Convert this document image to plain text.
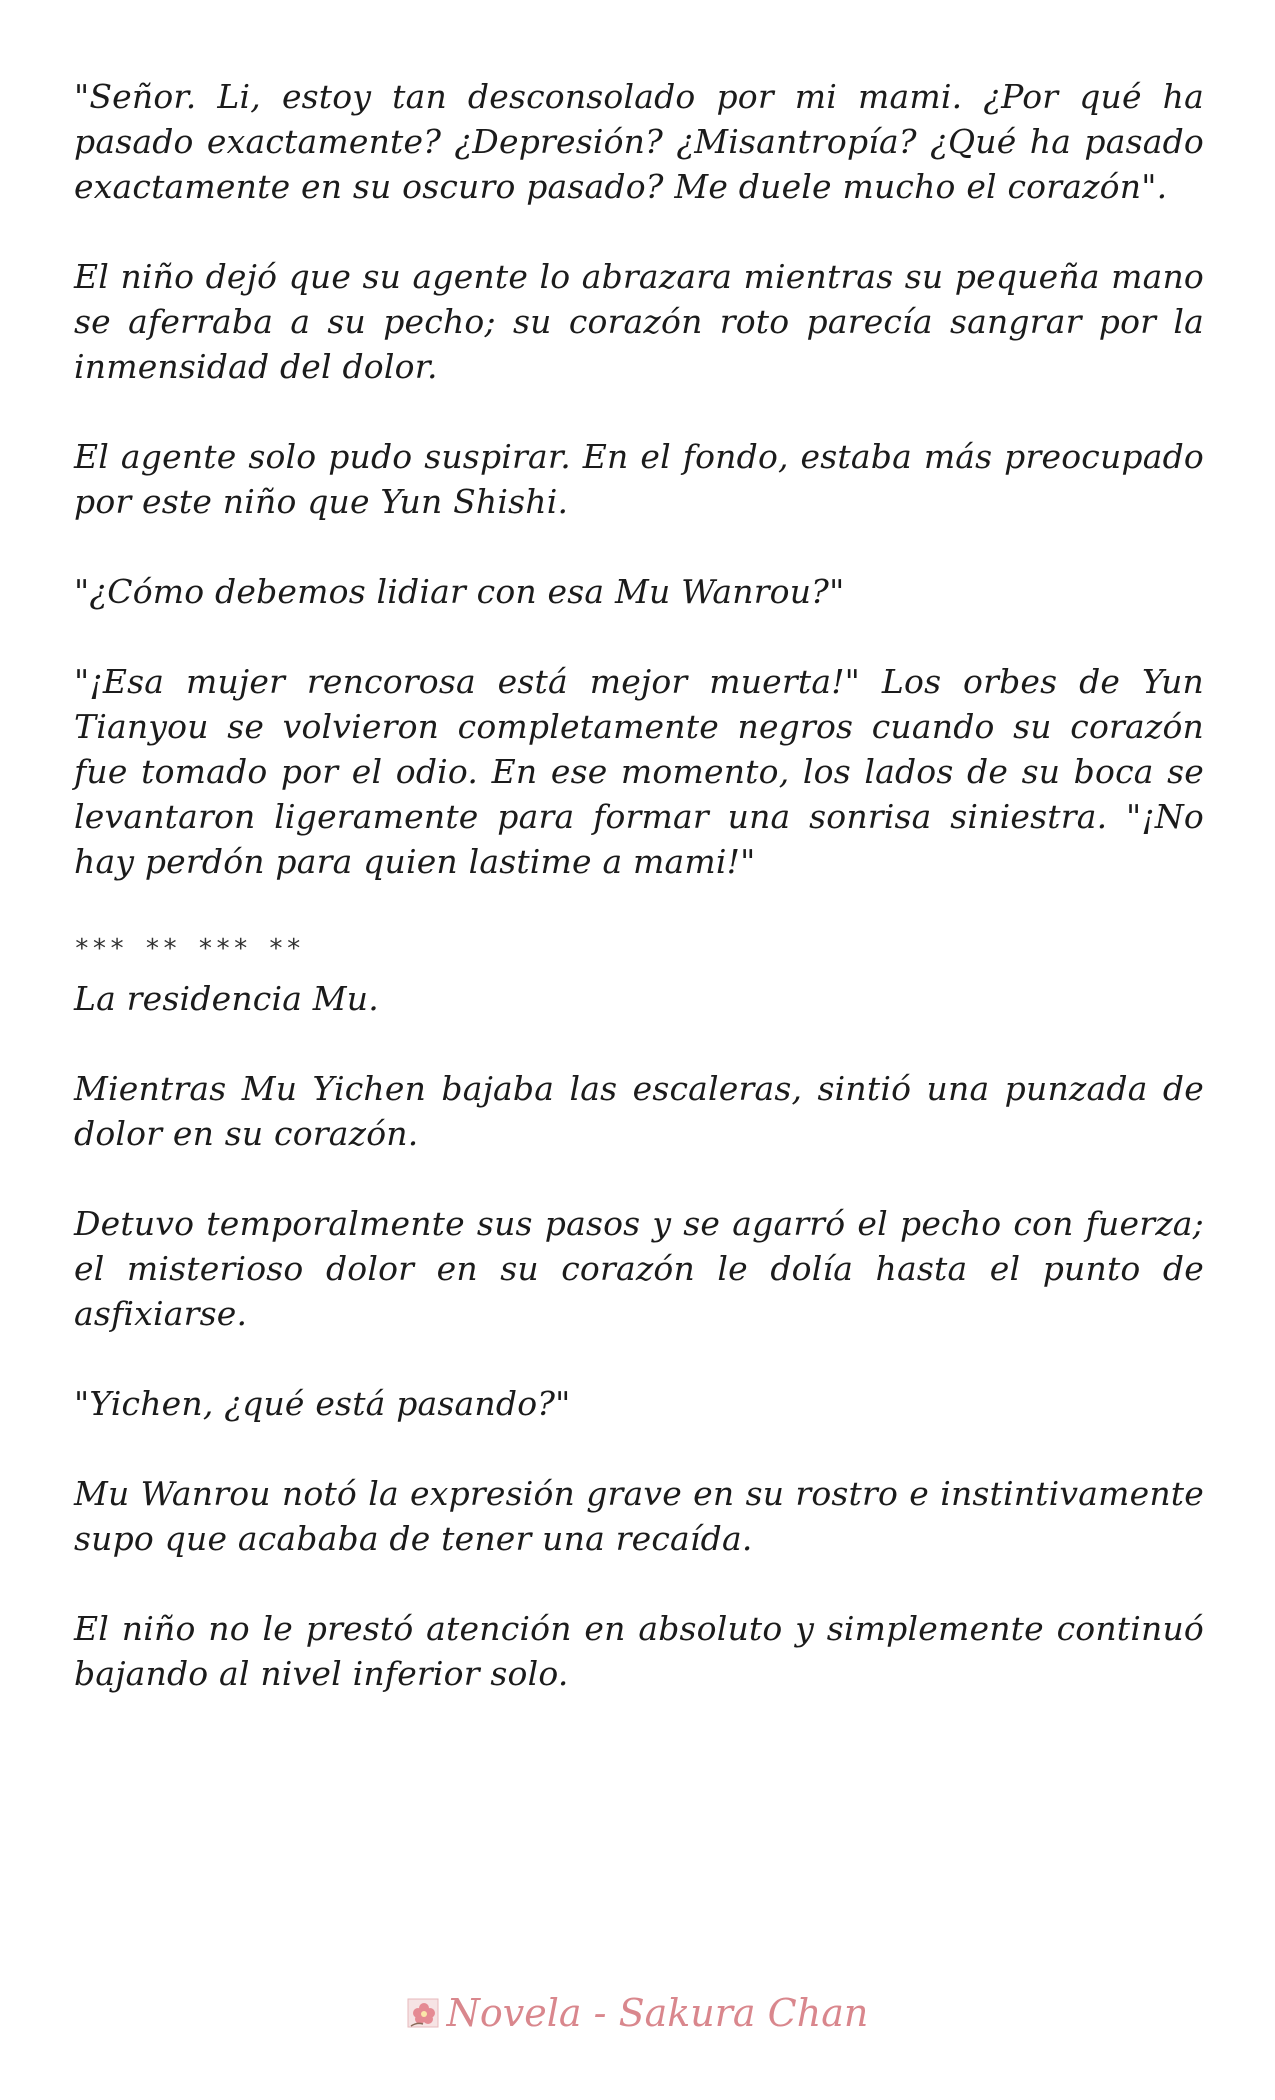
"Señor. Li, estoy tan desconsolado por mi mami. ¿Por qué ha pasado exactamente? ¿Depresión? ¿Misantropía? ¿Qué ha pasado exactamente en su oscuro pasado? Me duele mucho el corazón".

El niño dejó que su agente lo abrazara mientras su pequeña mano se aferraba a su pecho; su corazón roto parecía sangrar por la inmensidad del dolor.

El agente solo pudo suspirar. En el fondo, estaba más preocupado por este niño que Yun Shishi.

"¿Cómo debemos lidiar con esa Mu Wanrou?"

"¡Esa mujer rencorosa está mejor muerta!" Los orbes de Yun Tianyou se volvieron completamente negros cuando su corazón fue tomado por el odio. En ese momento, los lados de su boca se levantaron ligeramente para formar una sonrisa siniestra. "¡No hay perdón para quien lastime a mami!"

*** ** *** **

La residencia Mu.

Mientras Mu Yichen bajaba las escaleras, sintió una punzada de dolor en su corazón.

Detuvo temporalmente sus pasos y se agarró el pecho con fuerza; el misterioso dolor en su corazón le dolía hasta el punto de asfixiarse.

"Yichen, ¿qué está pasando?"

Mu Wanrou notó la expresión grave en su rostro e instintivamente supo que acababa de tener una recaída.

El niño no le prestó atención en absoluto y simplemente continuó bajando al nivel inferior solo.

Novela - Sakura Chan
